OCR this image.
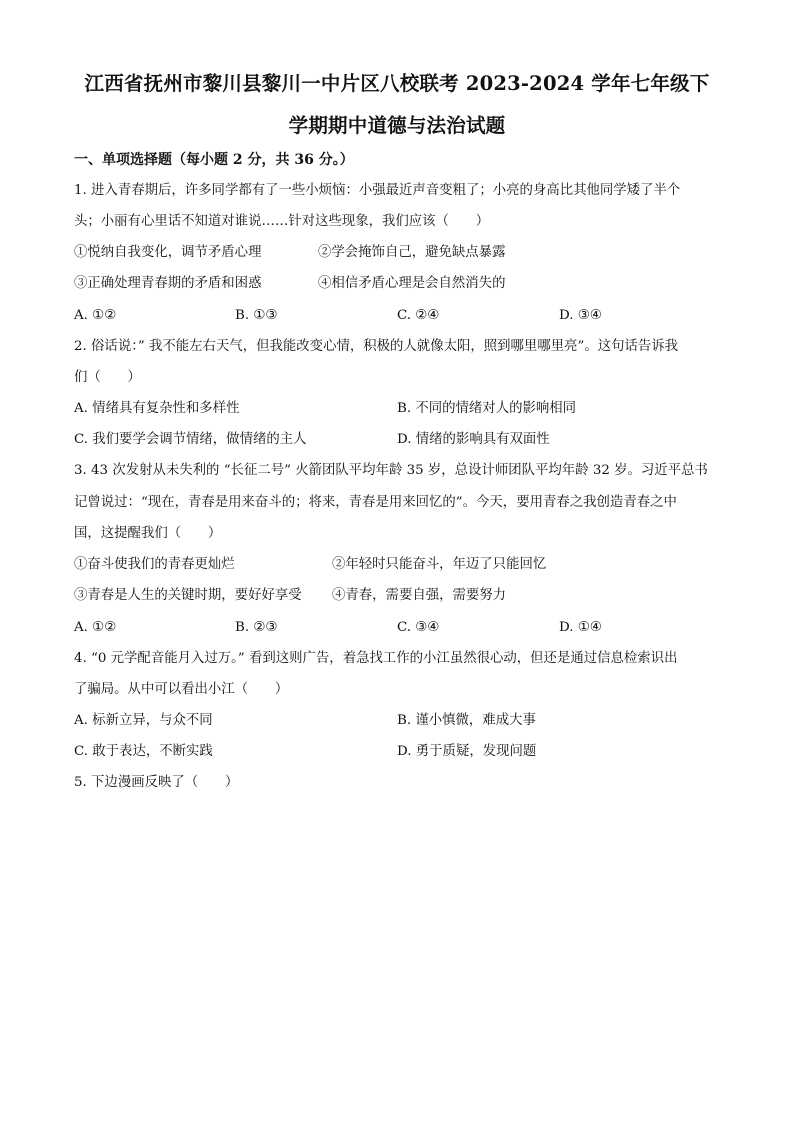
江西省抚州市黎川县黎川一中片区八校联考 2023-2024 学年七年级下
学期期中道德与法治试题
一、单项选择题（每小题 2 分，共 36 分。）
1. 进入青春期后，许多同学都有了一些小烦恼：小强最近声音变粗了；小亮的身高比其他同学矮了半个
头；小丽有心里话不知道对谁说……针对这些现象，我们应该（　　）
①悦纳自我变化，调节矛盾心理	②学会掩饰自己，避免缺点暴露
③正确处理青春期的矛盾和困惑	④相信矛盾心理是会自然消失的
A. ①②	B. ①③	C. ②④	D. ③④
2. 俗话说：” 我不能左右天气，但我能改变心情，积极的人就像太阳，照到哪里哪里亮”。这句话告诉我
们（　　）
A. 情绪具有复杂性和多样性	B. 不同的情绪对人的影响相同
C. 我们要学会调节情绪，做情绪的主人	D. 情绪的影响具有双面性
3. 43 次发射从未失利的 “长征二号” 火箭团队平均年龄 35 岁，总设计师团队平均年龄 32 岁。习近平总书
记曾说过：“现在，青春是用来奋斗的；将来，青春是用来回忆的”。今天，要用青春之我创造青春之中
国，这提醒我们（　　）
①奋斗使我们的青春更灿烂	②年轻时只能奋斗，年迈了只能回忆
③青春是人生的关键时期，要好好享受 ④青春，需要自强，需要努力
A. ①②	B. ②③	C. ③④	D. ①④
4. “0 元学配音能月入过万。” 看到这则广告，着急找工作的小江虽然很心动，但还是通过信息检索识出
了骗局。从中可以看出小江（　　）
A. 标新立异，与众不同	B. 谨小慎微，难成大事
C. 敢于表达，不断实践	D. 勇于质疑，发现问题
5. 下边漫画反映了（　　）
